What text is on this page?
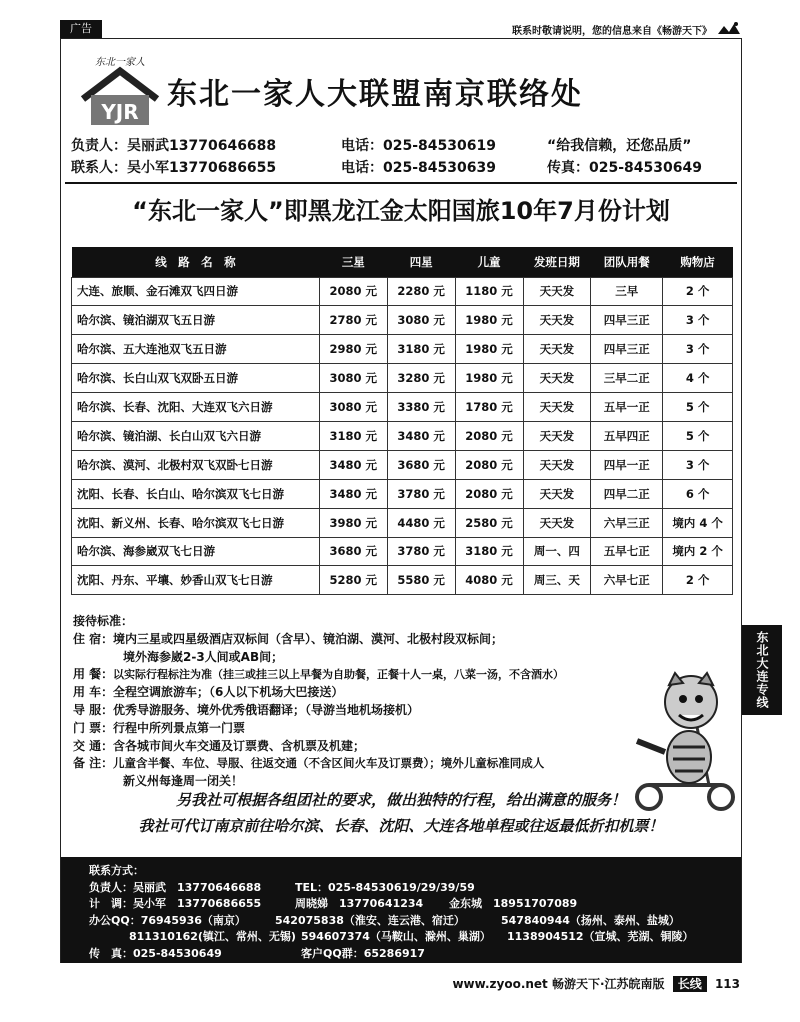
广告	联系时敬请说明，您的信息来自《畅游天下》
东北一家人
YJR 东北一家人大联盟南京联络处
负责人：吴丽武13770646688	电话：025-84530619	“给我信赖，还您品质”
联系人：吴小军13770686655	电话：025-84530639	传真：025-84530649
“东北一家人”即黑龙江金太阳国旅10年7月份计划
线　路　名　称	三星	四星	儿童	发班日期	团队用餐	购物店
大连、旅顺、金石滩双飞四日游	2080 元	2280 元	1180 元	天天发	三早	2 个
哈尔滨、镜泊湖双飞五日游	2780 元	3080 元	1980 元	天天发	四早三正	3 个
哈尔滨、五大连池双飞五日游	2980 元	3180 元	1980 元	天天发	四早三正	3 个
哈尔滨、长白山双飞双卧五日游	3080 元	3280 元	1980 元	天天发	三早二正	4 个
哈尔滨、长春、沈阳、大连双飞六日游	3080 元	3380 元	1780 元	天天发	五早一正	5 个
哈尔滨、镜泊湖、长白山双飞六日游	3180 元	3480 元	2080 元	天天发	五早四正	5 个
哈尔滨、漠河、北极村双飞双卧七日游	3480 元	3680 元	2080 元	天天发	四早一正	3 个
沈阳、长春、长白山、哈尔滨双飞七日游	3480 元	3780 元	2080 元	天天发	四早二正	6 个
沈阳、新义州、长春、哈尔滨双飞七日游	3980 元	4480 元	2580 元	天天发	六早三正	境内 4 个
哈尔滨、海参崴双飞七日游	3680 元	3780 元	3180 元	周一、四	五早七正	境内 2 个
沈阳、丹东、平壤、妙香山双飞七日游	5280 元	5580 元	4080 元	周三、天	六早七正	2 个
接待标准：
住 宿：境内三星或四星级酒店双标间（含早）、镜泊湖、漠河、北极村段双标间；
境外海参崴2-3人间或AB间；
用 餐：以实际行程标注为准（挂三或挂三以上早餐为自助餐，正餐十人一桌，八菜一汤，不含酒水）
用 车：全程空调旅游车；（6人以下机场大巴接送）
导 服：优秀导游服务、境外优秀俄语翻译；（导游当地机场接机）
门 票：行程中所列景点第一门票
交 通：含各城市间火车交通及订票费、含机票及机建；
备 注：儿童含半餐、车位、导服、往返交通（不含区间火车及订票费）；境外儿童标准同成人
新义州每逢周一闭关！
另我社可根据各组团社的要求，做出独特的行程，给出满意的服务！
我社可代订南京前往哈尔滨、长春、沈阳、大连各地单程或往返最低折扣机票！
联系方式：
负责人：吴丽武　13770646688	TEL：025-84530619/29/39/59
计　调：吴小军　13770686655	周晓娣　13770641234 金东城　18951707089
办公QQ：76945936（南京）	542075838（淮安、连云港、宿迁）	547840944（扬州、泰州、盐城）
811310162(镇江、常州、无锡) 594607374（马鞍山、滁州、巢湖） 1138904512（宣城、芜湖、铜陵）
传　真：025-84530649	客户QQ群：65286917
东北大连专线
www.zyoo.net 畅游天下·江苏皖南版 长线 113
